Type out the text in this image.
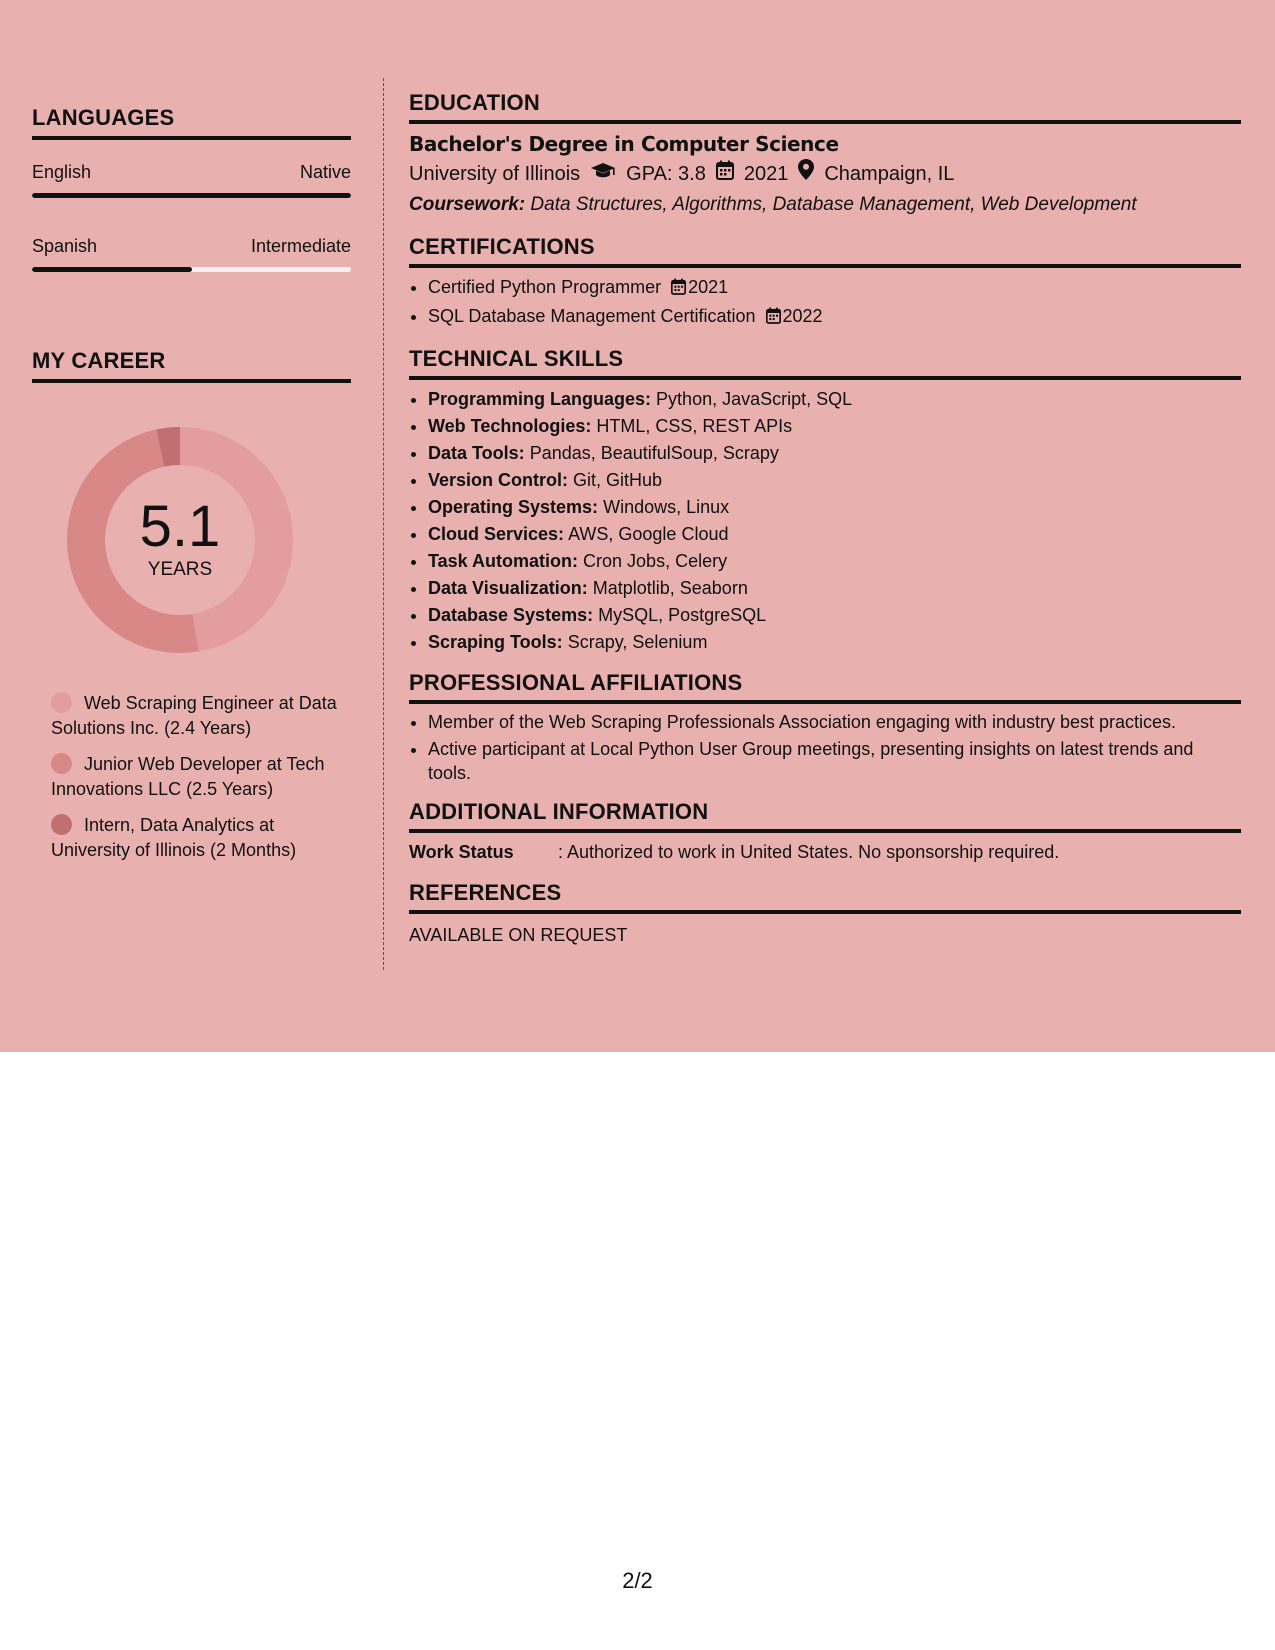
LANGUAGES
English	Native
Spanish	Intermediate
MY CAREER
5.1
YEARS
Web Scraping Engineer at Data Solutions Inc. (2.4 Years)
Junior Web Developer at Tech Innovations LLC (2.5 Years)
Intern, Data Analytics at University of Illinois (2 Months)
EDUCATION
Bachelor's Degree in Computer Science
University of Illinois GPA: 3.8 2021 Champaign, IL
Coursework: Data Structures, Algorithms, Database Management, Web Development
CERTIFICATIONS
• Certified Python Programmer 2021
• SQL Database Management Certification 2022
TECHNICAL SKILLS
• Programming Languages: Python, JavaScript, SQL
• Web Technologies: HTML, CSS, REST APIs
• Data Tools: Pandas, BeautifulSoup, Scrapy
• Version Control: Git, GitHub
• Operating Systems: Windows, Linux
• Cloud Services: AWS, Google Cloud
• Task Automation: Cron Jobs, Celery
• Data Visualization: Matplotlib, Seaborn
• Database Systems: MySQL, PostgreSQL
• Scraping Tools: Scrapy, Selenium
PROFESSIONAL AFFILIATIONS
• Member of the Web Scraping Professionals Association engaging with industry best practices.
• Active participant at Local Python User Group meetings, presenting insights on latest trends and tools.
ADDITIONAL INFORMATION
Work Status : Authorized to work in United States. No sponsorship required.
REFERENCES
AVAILABLE ON REQUEST
2/2
